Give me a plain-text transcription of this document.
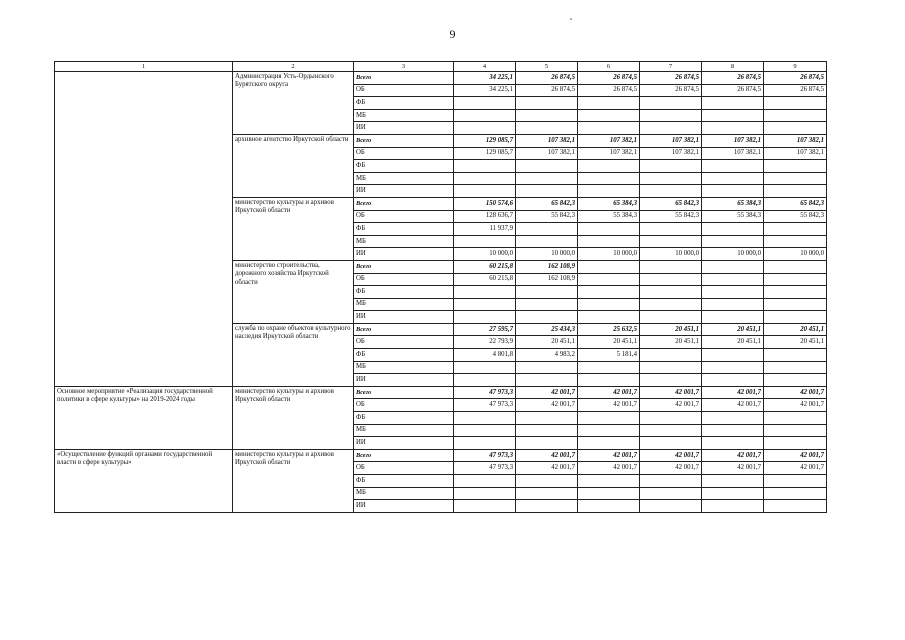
9
1	2	3	4	5	6	7	8	9
	Администрация Усть-Ордынского Бурятского округа	Всего	34 225,1	26 874,5	26 874,5	26 874,5	26 874,5	26 874,5
		ОБ	34 225,1	26 874,5	26 874,5	26 874,5	26 874,5	26 874,5
		ФБ						
		МБ						
		ИИ						
	архивное агентство Иркутской области	Всего	129 085,7	107 382,1	107 382,1	107 382,1	107 382,1	107 382,1
		ОБ	129 085,7	107 382,1	107 382,1	107 382,1	107 382,1	107 382,1
		ФБ						
		МБ						
		ИИ						
	министерство культуры и архивов Иркутской области	Всего	150 574,6	65 842,3	65 384,3	65 842,3	65 384,3	65 842,3
		ОБ	128 636,7	55 842,3	55 384,3	55 842,3	55 384,3	55 842,3
		ФБ	11 937,9					
		МБ						
		ИИ	10 000,0	10 000,0	10 000,0	10 000,0	10 000,0	10 000,0
	министерство строительства, дорожного хозяйства Иркутской области	Всего	60 215,8	162 108,9				
		ОБ	60 215,8	162 108,9				
		ФБ						
		МБ						
		ИИ						
	служба по охране объектов культурного наследия Иркутской области	Всего	27 595,7	25 434,3	25 632,5	20 451,1	20 451,1	20 451,1
		ОБ	22 793,9	20 451,1	20 451,1	20 451,1	20 451,1	20 451,1
		ФБ	4 801,8	4 983,2	5 181,4			
		МБ						
		ИИ						
Основное мероприятие «Реализация государственной политики в сфере культуры» на 2019-2024 годы	министерство культуры и архивов Иркутской области	Всего	47 973,3	42 001,7	42 001,7	42 001,7	42 001,7	42 001,7
		ОБ	47 973,3	42 001,7	42 001,7	42 001,7	42 001,7	42 001,7
		ФБ						
		МБ						
		ИИ						
«Осуществление функций органами государственной власти в сфере культуры»	министерство культуры и архивов Иркутской области	Всего	47 973,3	42 001,7	42 001,7	42 001,7	42 001,7	42 001,7
		ОБ	47 973,3	42 001,7	42 001,7	42 001,7	42 001,7	42 001,7
		ФБ						
		МБ						
		ИИ						
